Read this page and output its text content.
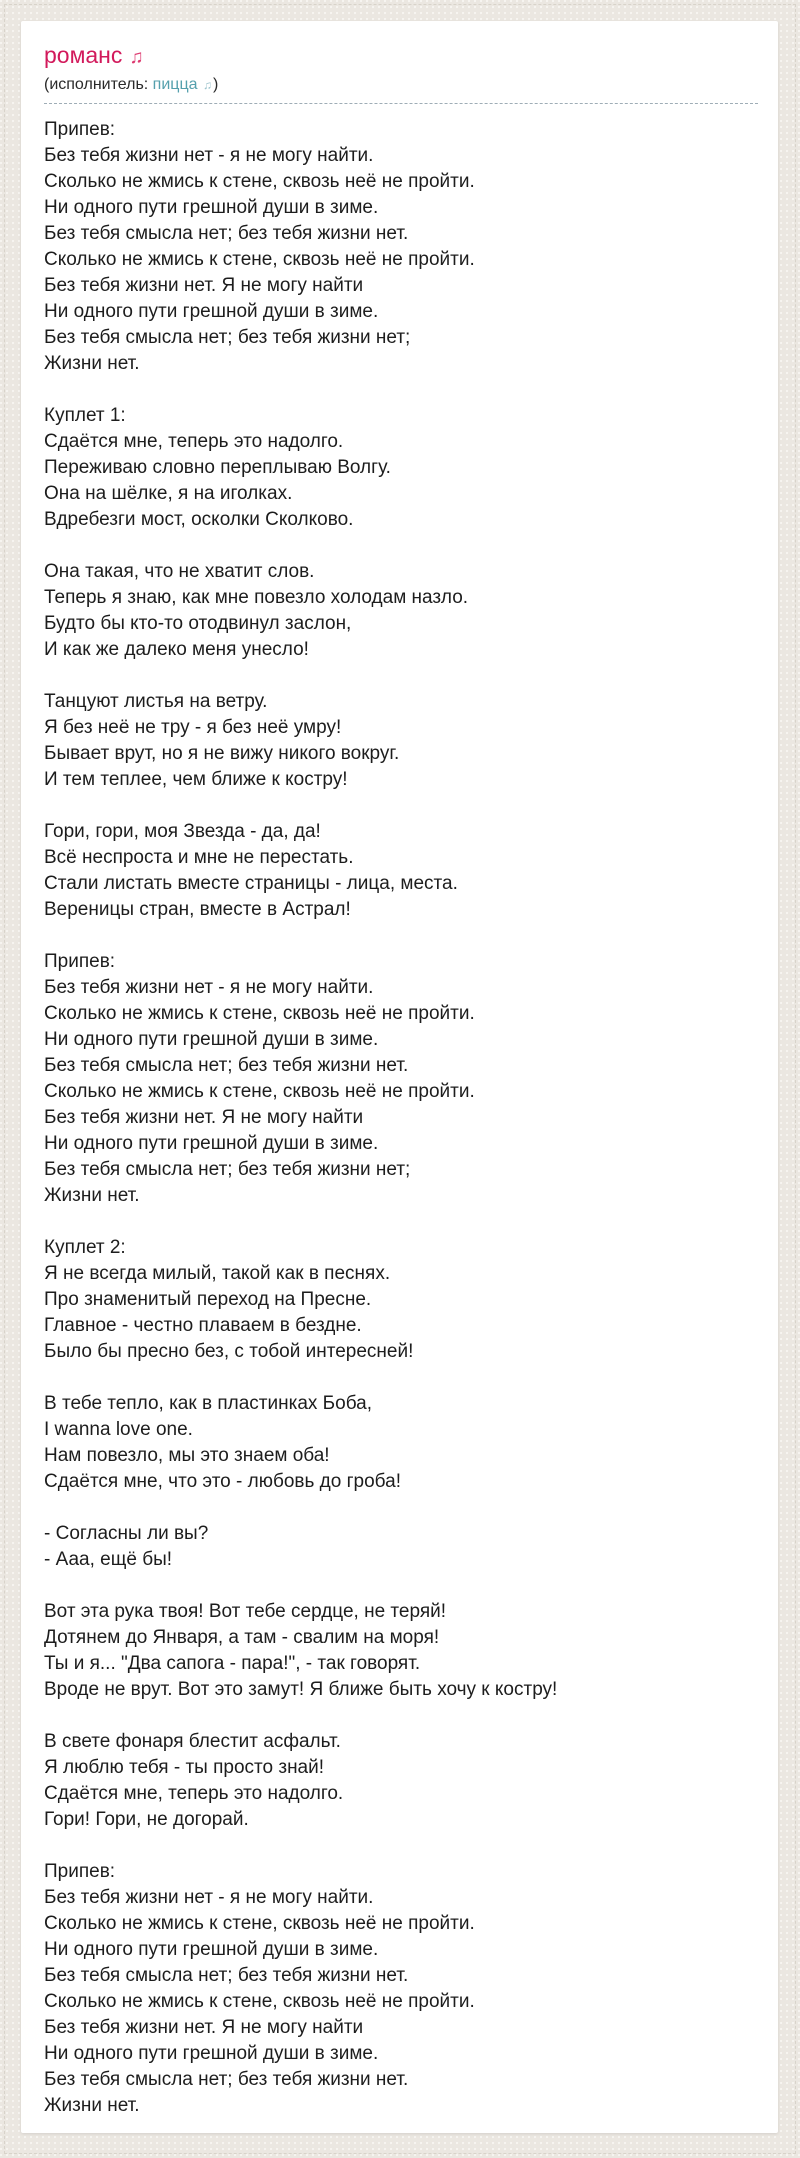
романс ♫
(исполнитель: пицца ♫)

Припев:
Без тебя жизни нет - я не могу найти.
Сколько не жмись к стене, сквозь неё не пройти.
Ни одного пути грешной души в зиме.
Без тебя смысла нет; без тебя жизни нет.
Сколько не жмись к стене, сквозь неё не пройти.
Без тебя жизни нет. Я не могу найти
Ни одного пути грешной души в зиме.
Без тебя смысла нет; без тебя жизни нет;
Жизни нет.

Куплет 1:
Сдаётся мне, теперь это надолго.
Переживаю словно переплываю Волгу.
Она на шёлке, я на иголках.
Вдребезги мост, осколки Сколково.

Она такая, что не хватит слов.
Теперь я знаю, как мне повезло холодам назло.
Будто бы кто-то отодвинул заслон,
И как же далеко меня унесло!

Танцуют листья на ветру.
Я без неё не тру - я без неё умру!
Бывает врут, но я не вижу никого вокруг.
И тем теплее, чем ближе к костру!

Гори, гори, моя Звезда - да, да!
Всё неспроста и мне не перестать.
Стали листать вместе страницы - лица, места.
Вереницы стран, вместе в Астрал!

Припев:
Без тебя жизни нет - я не могу найти.
Сколько не жмись к стене, сквозь неё не пройти.
Ни одного пути грешной души в зиме.
Без тебя смысла нет; без тебя жизни нет.
Сколько не жмись к стене, сквозь неё не пройти.
Без тебя жизни нет. Я не могу найти
Ни одного пути грешной души в зиме.
Без тебя смысла нет; без тебя жизни нет;
Жизни нет.

Куплет 2:
Я не всегда милый, такой как в песнях.
Про знаменитый переход на Пресне.
Главное - честно плаваем в бездне.
Было бы пресно без, с тобой интересней!

В тебе тепло, как в пластинках Боба,
I wanna love one.
Нам повезло, мы это знаем оба!
Сдаётся мне, что это - любовь до гроба!

- Согласны ли вы?
- Ааа, ещё бы!

Вот эта рука твоя! Вот тебе сердце, не теряй!
Дотянем до Января, а там - свалим на моря!
Ты и я... "Два сапога - пара!", - так говорят.
Вроде не врут. Вот это замут! Я ближе быть хочу к костру!

В свете фонаря блестит асфальт.
Я люблю тебя - ты просто знай!
Сдаётся мне, теперь это надолго.
Гори! Гори, не догорай.

Припев:
Без тебя жизни нет - я не могу найти.
Сколько не жмись к стене, сквозь неё не пройти.
Ни одного пути грешной души в зиме.
Без тебя смысла нет; без тебя жизни нет.
Сколько не жмись к стене, сквозь неё не пройти.
Без тебя жизни нет. Я не могу найти
Ни одного пути грешной души в зиме.
Без тебя смысла нет; без тебя жизни нет.
Жизни нет.
